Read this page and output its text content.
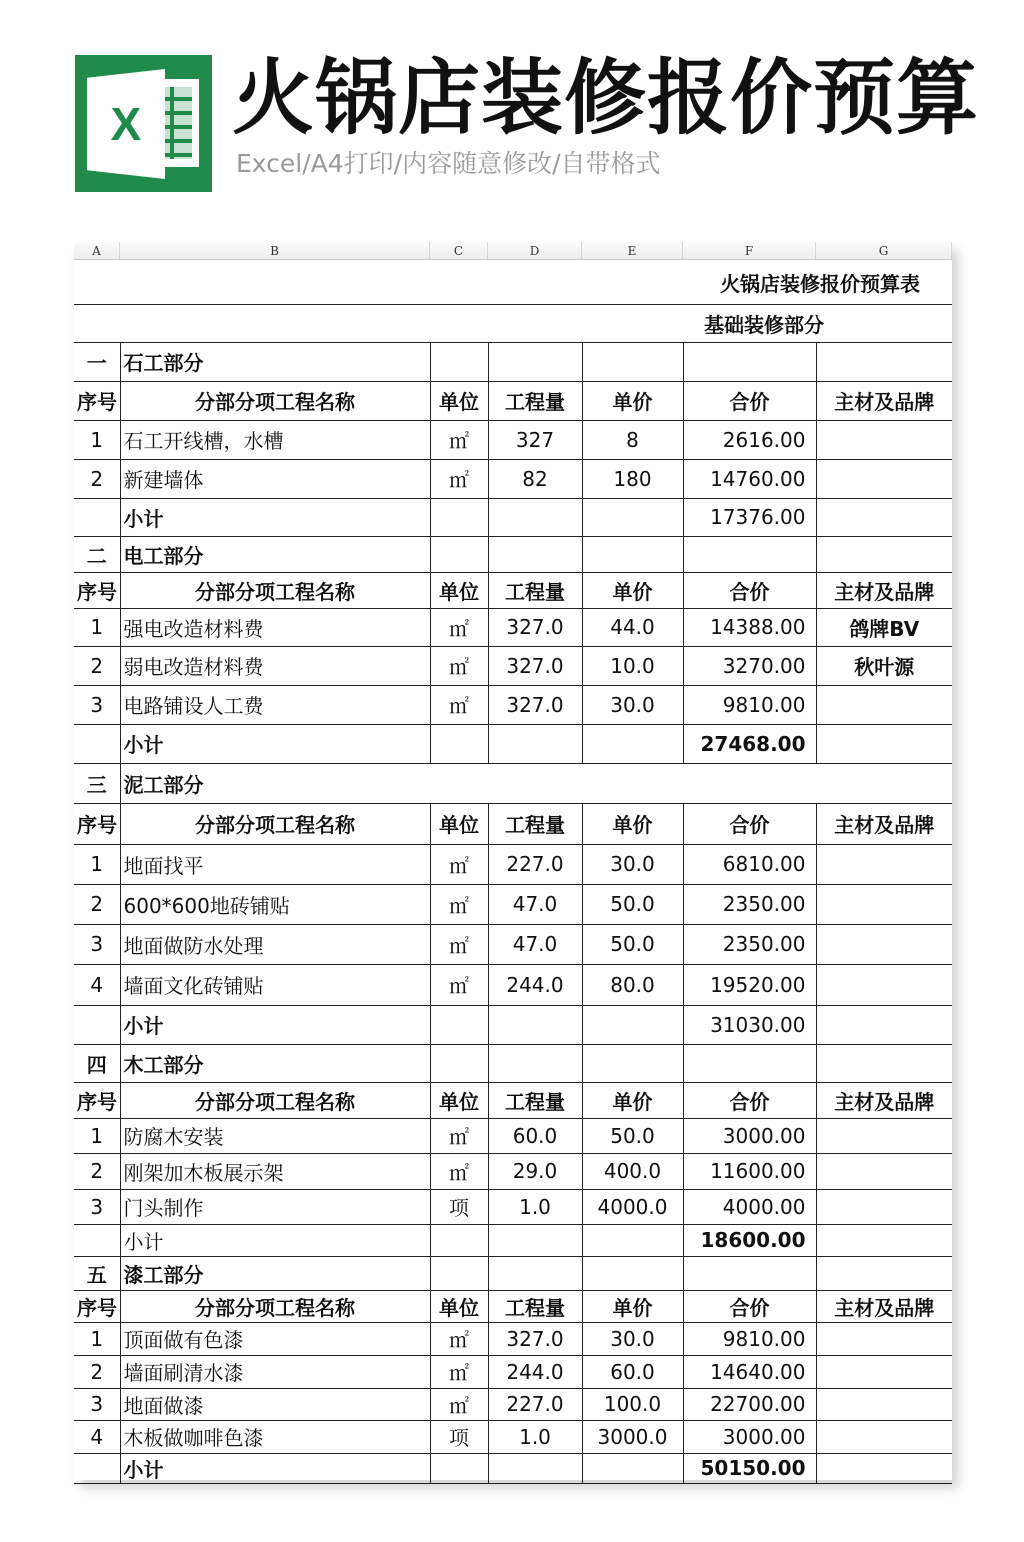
X 火锅店装修报价预算
Excel/A4打印/内容随意修改/自带格式
A	B	C	D	E	F	G
火锅店装修报价预算表						
基础装修部分						
一	石工部分					
序号	分部分项工程名称	单位	工程量	单价	合价	主材及品牌
1	石工开线槽，水槽	㎡	327	8	2616.00	
2	新建墙体	㎡	82	180	14760.00	
	小计				17376.00	
二	电工部分					
序号	分部分项工程名称	单位	工程量	单价	合价	主材及品牌
1	强电改造材料费	㎡	327.0	44.0	14388.00	鸽牌BV
2	弱电改造材料费	㎡	327.0	10.0	3270.00	秋叶源
3	电路铺设人工费	㎡	327.0	30.0	9810.00	
	小计				27468.00	
三	泥工部分					
序号	分部分项工程名称	单位	工程量	单价	合价	主材及品牌
1	地面找平	㎡	227.0	30.0	6810.00	
2	600*600地砖铺贴	㎡	47.0	50.0	2350.00	
3	地面做防水处理	㎡	47.0	50.0	2350.00	
4	墙面文化砖铺贴	㎡	244.0	80.0	19520.00	
	小计				31030.00	
四	木工部分					
序号	分部分项工程名称	单位	工程量	单价	合价	主材及品牌
1	防腐木安装	㎡	60.0	50.0	3000.00	
2	刚架加木板展示架	㎡	29.0	400.0	11600.00	
3	门头制作	项	1.0	4000.0	4000.00	
	小计				18600.00	
五	漆工部分					
序号	分部分项工程名称	单位	工程量	单价	合价	主材及品牌
1	顶面做有色漆	㎡	327.0	30.0	9810.00	
2	墙面刷清水漆	㎡	244.0	60.0	14640.00	
3	地面做漆	㎡	227.0	100.0	22700.00	
4	木板做咖啡色漆	项	1.0	3000.0	3000.00	
	小计				50150.00	
